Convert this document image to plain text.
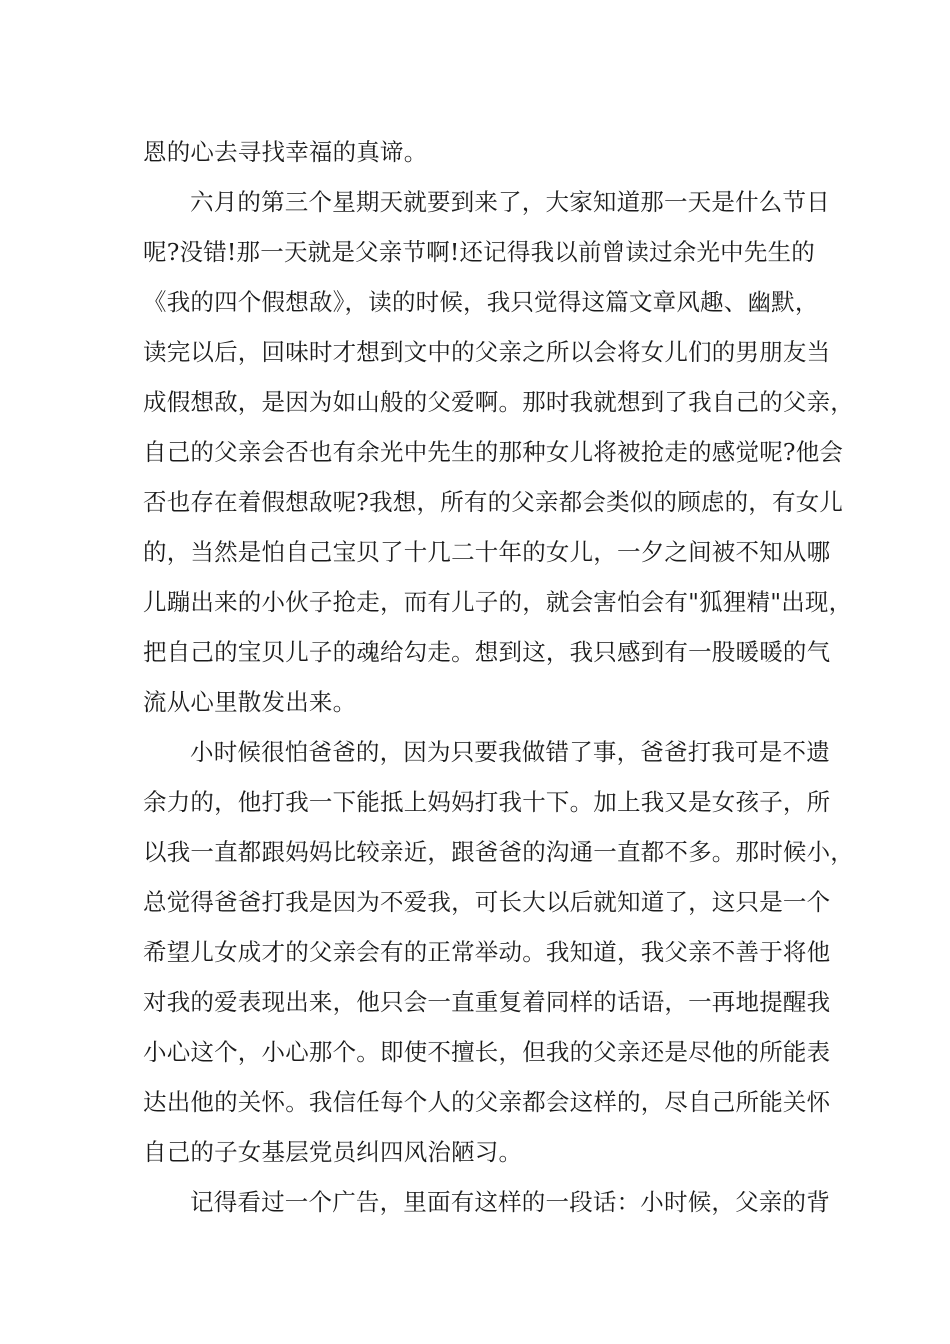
恩的心去寻找幸福的真谛。
六月的第三个星期天就要到来了，大家知道那一天是什么节日
呢?没错!那一天就是父亲节啊!还记得我以前曾读过余光中先生的
《我的四个假想敌》，读的时候，我只觉得这篇文章风趣、幽默，
读完以后，回味时才想到文中的父亲之所以会将女儿们的男朋友当
成假想敌，是因为如山般的父爱啊。那时我就想到了我自己的父亲，
自己的父亲会否也有余光中先生的那种女儿将被抢走的感觉呢?他会
否也存在着假想敌呢?我想，所有的父亲都会类似的顾虑的，有女儿
的，当然是怕自己宝贝了十几二十年的女儿，一夕之间被不知从哪
儿蹦出来的小伙子抢走，而有儿子的，就会害怕会有"狐狸精"出现，
把自己的宝贝儿子的魂给勾走。想到这，我只感到有一股暖暖的气
流从心里散发出来。
小时候很怕爸爸的，因为只要我做错了事，爸爸打我可是不遗
余力的，他打我一下能抵上妈妈打我十下。加上我又是女孩子，所
以我一直都跟妈妈比较亲近，跟爸爸的沟通一直都不多。那时候小，
总觉得爸爸打我是因为不爱我，可长大以后就知道了，这只是一个
希望儿女成才的父亲会有的正常举动。我知道，我父亲不善于将他
对我的爱表现出来，他只会一直重复着同样的话语，一再地提醒我
小心这个，小心那个。即使不擅长，但我的父亲还是尽他的所能表
达出他的关怀。我信任每个人的父亲都会这样的，尽自己所能关怀
自己的子女基层党员纠四风治陋习。
记得看过一个广告，里面有这样的一段话：小时候，父亲的背
